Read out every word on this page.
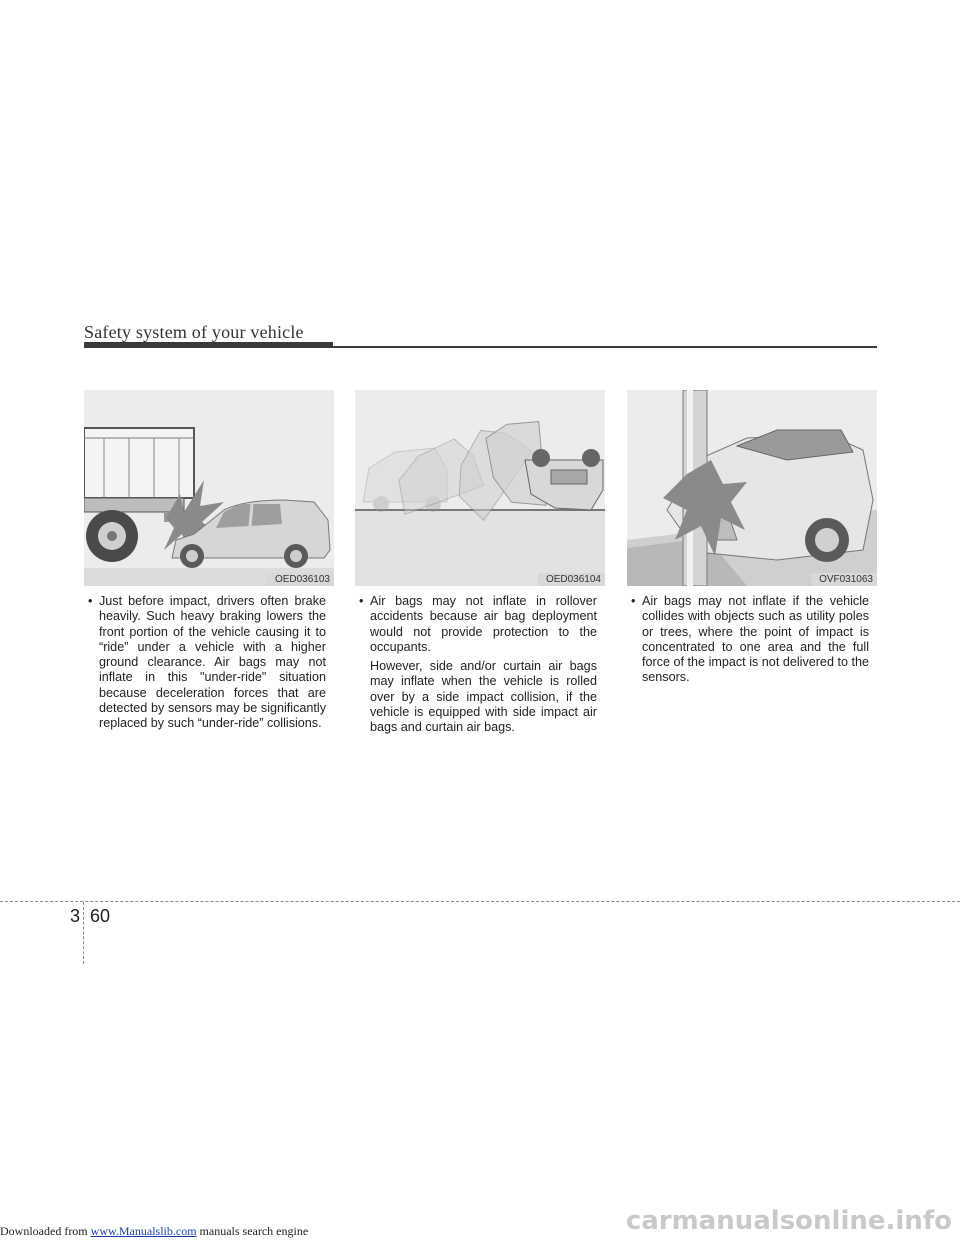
Safety system of your vehicle
OED036103	OED036104	OVF031063
• Just before impact, drivers often brake heavily. Such heavy braking lowers the front portion of the vehicle causing it to “ride” under a vehicle with a higher ground clearance. Air bags may not inflate in this "under-ride" situation because deceleration forces that are detected by sensors may be significantly replaced by such “under-ride” collisions.
• Air bags may not inflate in rollover accidents because air bag deployment would not provide protection to the occupants.
However, side and/or curtain air bags may inflate when the vehicle is rolled over by a side impact collision, if the vehicle is equipped with side impact air bags and curtain air bags.
• Air bags may not inflate if the vehicle collides with objects such as utility poles or trees, where the point of impact is concentrated to one area and the full force of the impact is not delivered to the sensors.
3 60
carmanualsonline.info
Downloaded from www.Manualslib.com manuals search engine
